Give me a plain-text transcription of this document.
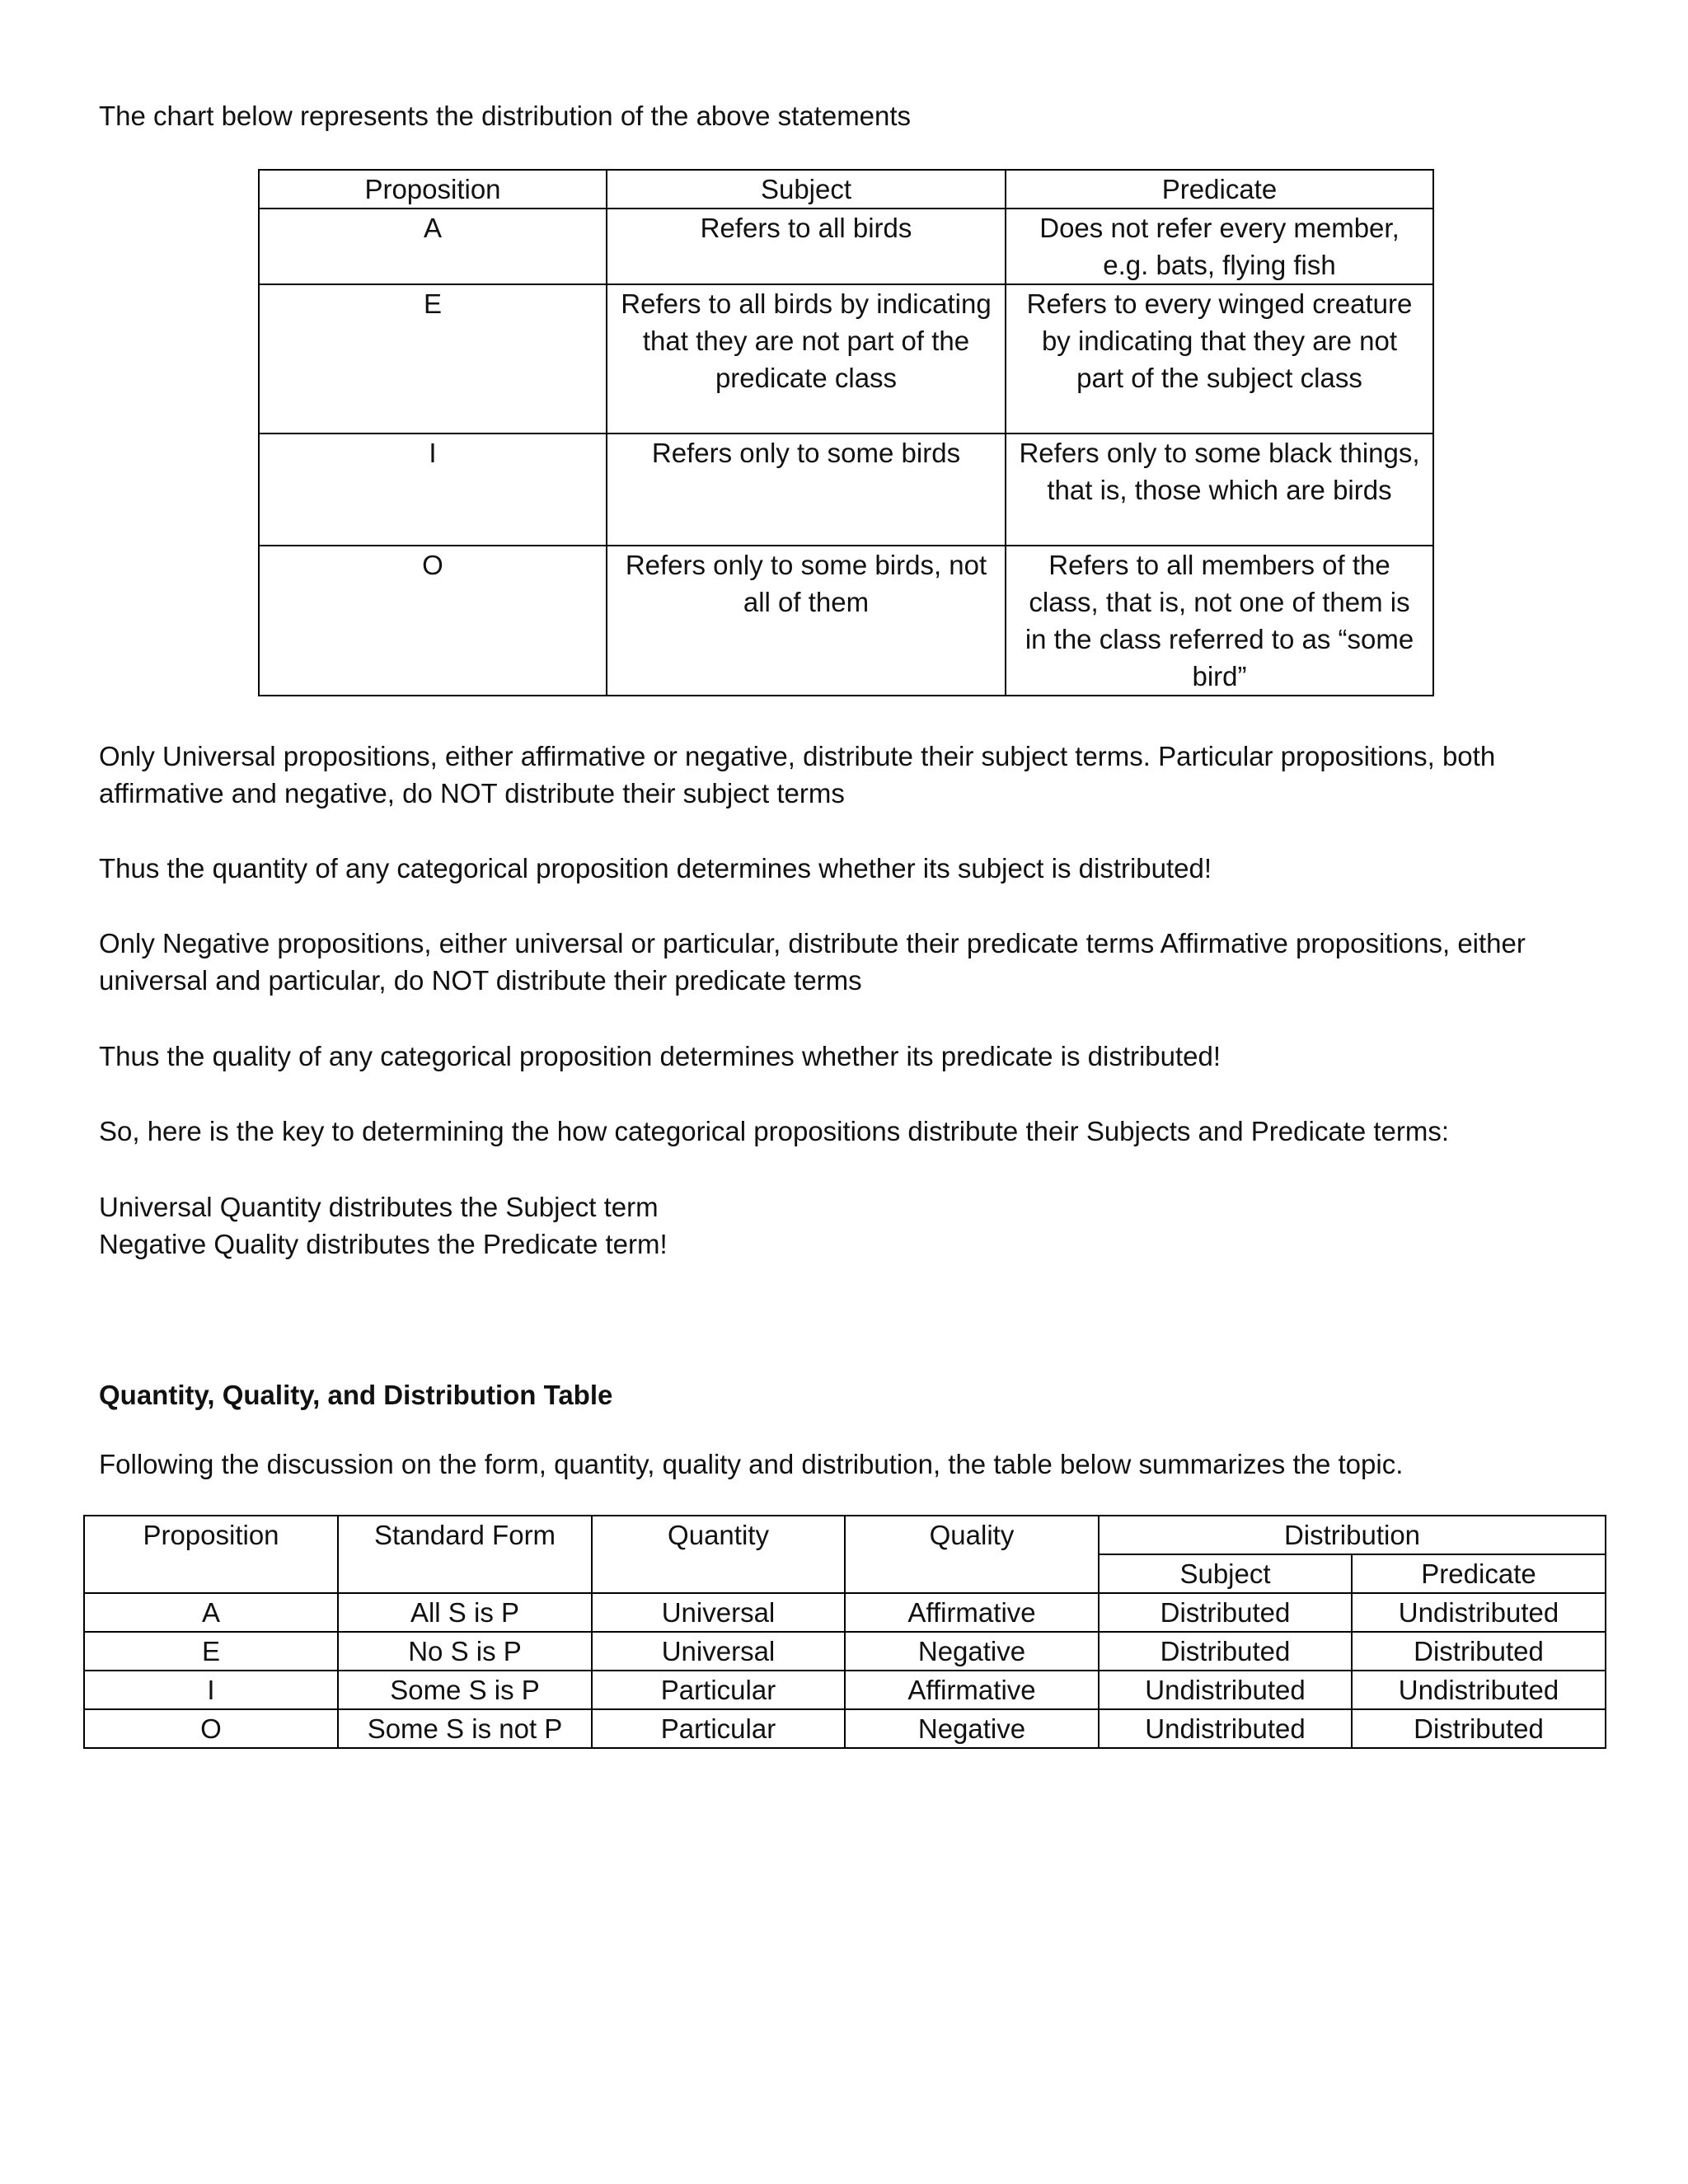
The chart below represents the distribution of the above statements

Proposition	Subject	Predicate
A	Refers to all birds	Does not refer every member, e.g. bats, flying fish
E	Refers to all birds by indicating that they are not part of the predicate class	Refers to every winged creature by indicating that they are not part of the subject class
I	Refers only to some birds	Refers only to some black things, that is, those which are birds
O	Refers only to some birds, not all of them	Refers to all members of the class, that is, not one of them is in the class referred to as “some bird”

Only Universal propositions, either affirmative or negative, distribute their subject terms. Particular propositions, both affirmative and negative, do NOT distribute their subject terms

Thus the quantity of any categorical proposition determines whether its subject is distributed!

Only Negative propositions, either universal or particular, distribute their predicate terms Affirmative propositions, either universal and particular, do NOT distribute their predicate terms

Thus the quality of any categorical proposition determines whether its predicate is distributed!

So, here is the key to determining the how categorical propositions distribute their Subjects and Predicate terms:

Universal Quantity distributes the Subject term
Negative Quality distributes the Predicate term!

Quantity, Quality, and Distribution Table

Following the discussion on the form, quantity, quality and distribution, the table below summarizes the topic.

Proposition	Standard Form	Quantity	Quality	Distribution	
				Subject	Predicate
A	All S is P	Universal	Affirmative	Distributed	Undistributed
E	No S is P	Universal	Negative	Distributed	Distributed
I	Some S is P	Particular	Affirmative	Undistributed	Undistributed
O	Some S is not P	Particular	Negative	Undistributed	Distributed
